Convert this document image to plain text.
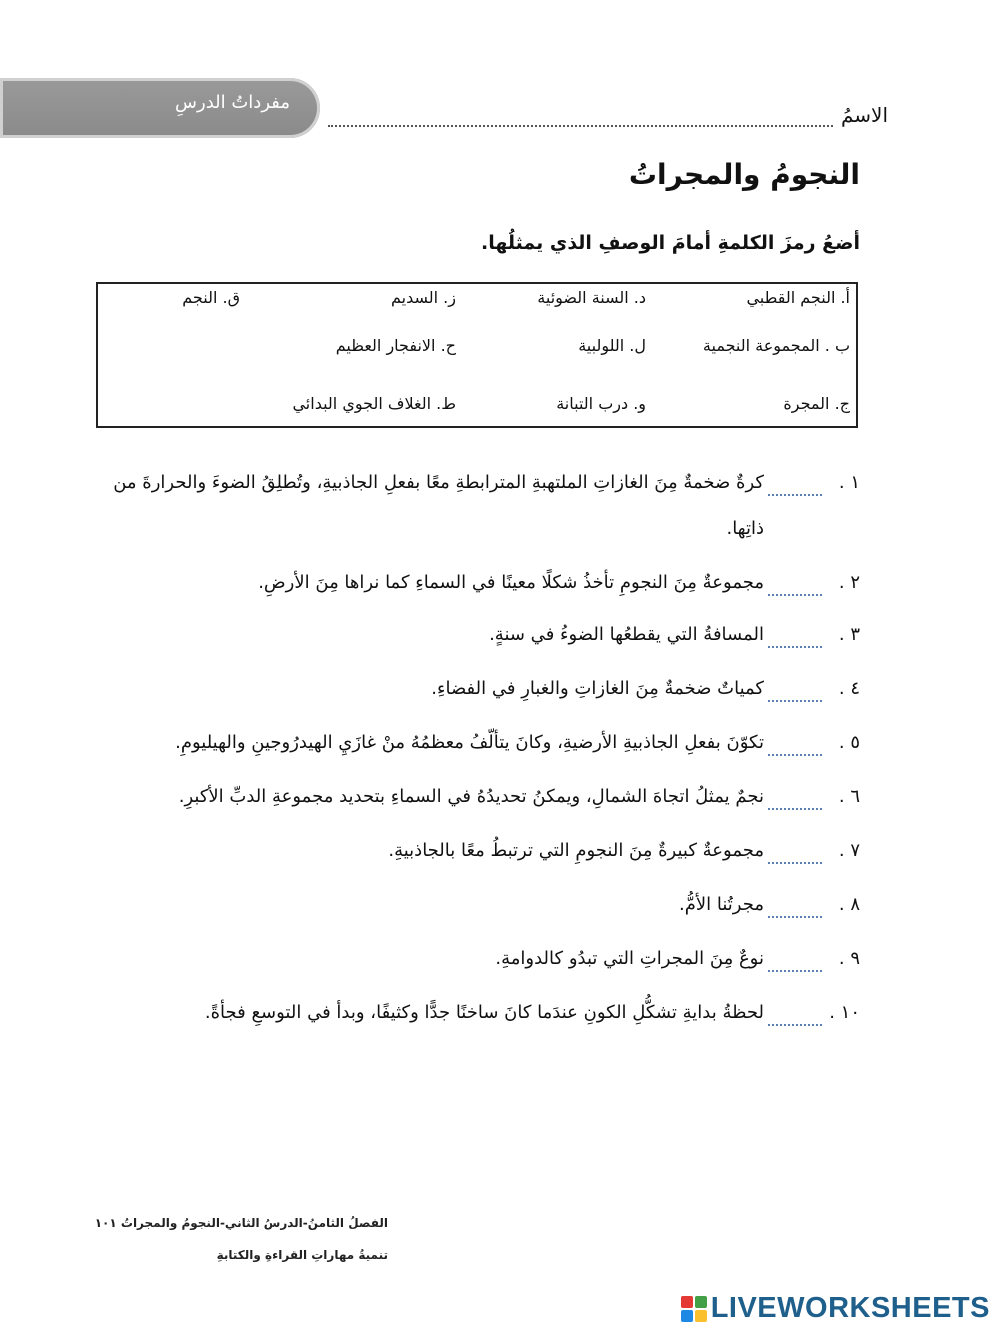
مفرداتُ الدرسِ
الاسمُ
النجومُ والمجراتُ
أضعُ رمزَ الكلمةِ أمامَ الوصفِ الذي يمثلُها.
أ. النجم القطبي
د. السنة الضوئية
ز. السديم
ق. النجم
ب . المجموعة النجمية
ل. اللولبية
ح. الانفجار العظيم
ج. المجرة
و. درب التبانة
ط. الغلاف الجوي البدائي
١ .
كرةٌ ضخمةٌ مِنَ الغازاتِ الملتهبةِ المترابطةِ معًا بفعلِ الجاذبيةِ، وتُطلِقُ الضوءَ والحرارةَ من ذاتِها.
٢ .
مجموعةٌ مِنَ النجومِ تأخذُ شكلًا معينًا في السماءِ كما نراها مِنَ الأرضِ.
٣ .
المسافةُ التي يقطعُها الضوءُ في سنةٍ.
٤ .
كمياتٌ ضخمةٌ مِنَ الغازاتِ والغبارِ في الفضاءِ.
٥ .
تكوّنَ بفعلِ الجاذبيةِ الأرضيةِ، وكانَ يتألّفُ معظمُهُ منْ غازَيِ الهيدرُوجينِ والهيليومِ.
٦ .
نجمٌ يمثلُ اتجاهَ الشمالِ، ويمكنُ تحديدُهُ في السماءِ بتحديد مجموعةِ الدبِّ الأكبرِ.
٧ .
مجموعةٌ كبيرةٌ مِنَ النجومِ التي ترتبطُ معًا بالجاذبيةِ.
٨ .
مجرتُنا الأمُّ.
٩ .
نوعٌ مِنَ المجراتِ التي تبدُو كالدوامةِ.
١٠ .
لحظةُ بدايةِ تشكُّلِ الكونِ عندَما كانَ ساخنًا جدًّا وكثيفًا، وبدأ في التوسعِ فجأةً.
الفصلُ الثامنُ-الدرسُ الثاني-النجومُ والمجراتُ ١٠١
تنميةُ مهاراتِ القراءةِ والكتابةِ
LIVEWORKSHEETS
